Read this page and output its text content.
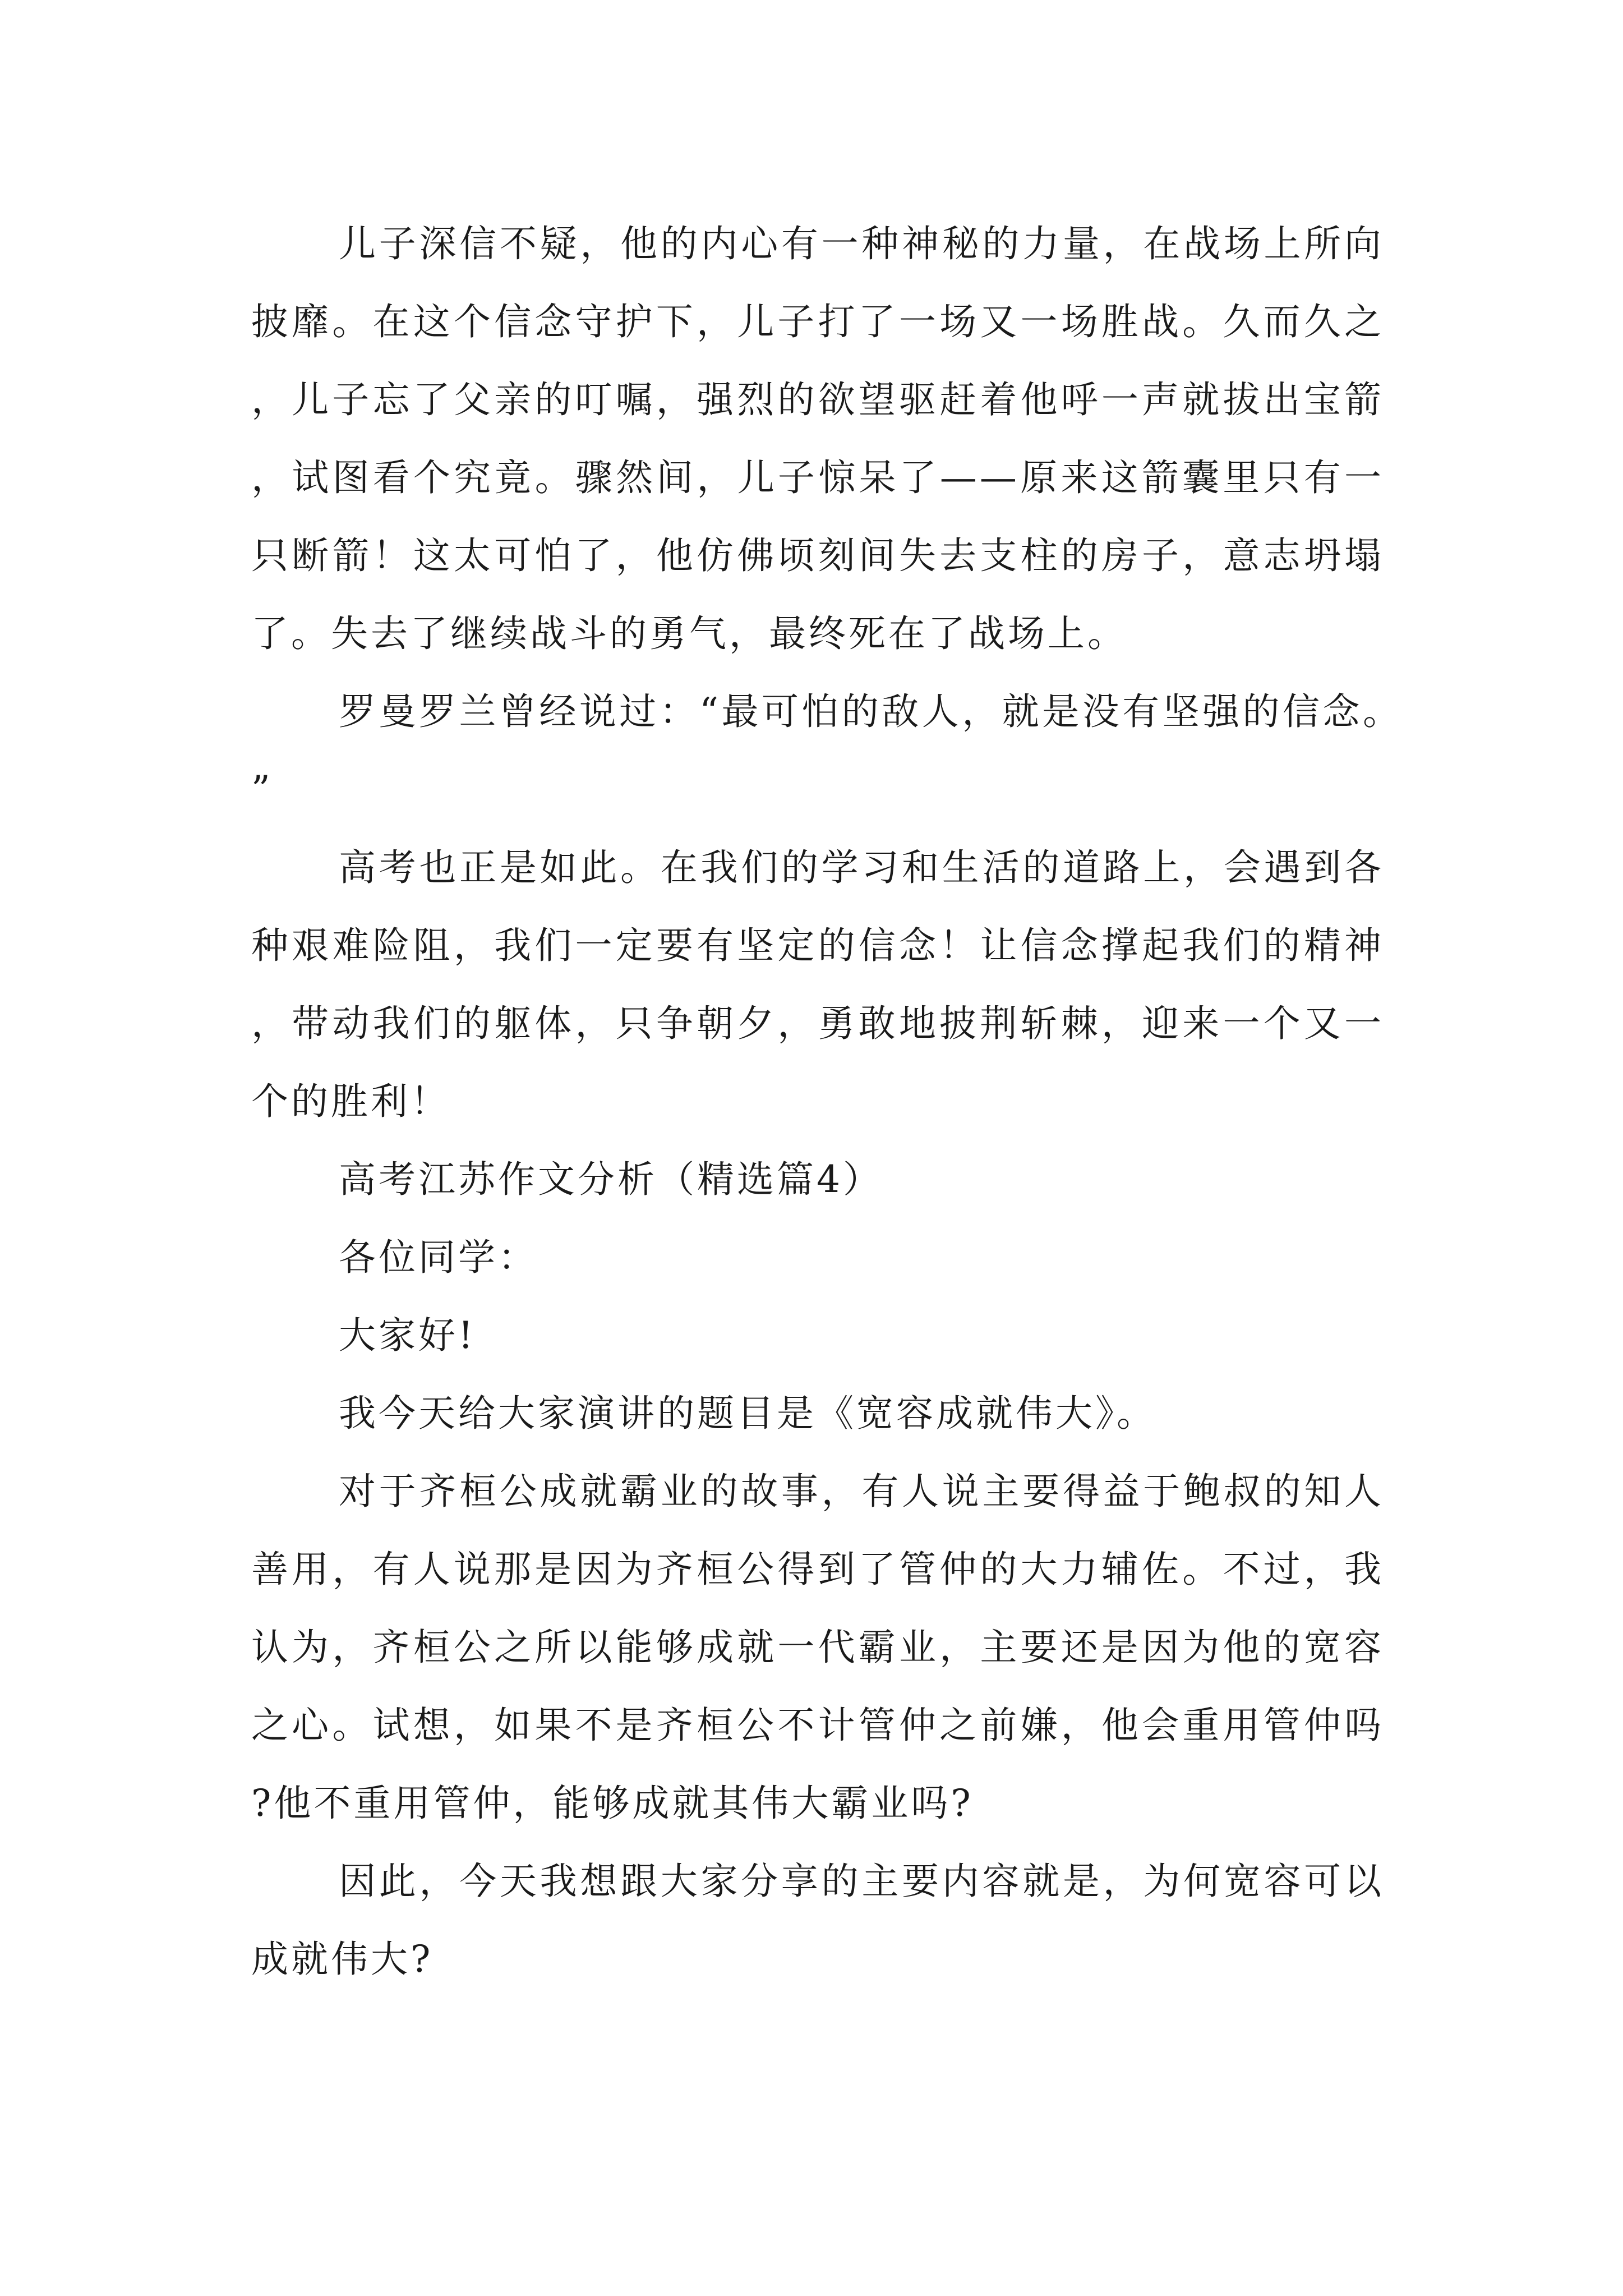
儿子深信不疑，他的内心有一种神秘的力量，在战场上所向披靡。在这个信念守护下，儿子打了一场又一场胜战。久而久之，儿子忘了父亲的叮嘱，强烈的欲望驱赶着他呼一声就拔出宝箭，试图看个究竟。骤然间，儿子惊呆了——原来这箭囊里只有一只断箭！这太可怕了，他仿佛顷刻间失去支柱的房子，意志坍塌了。失去了继续战斗的勇气，最终死在了战场上。

罗曼罗兰曾经说过：“最可怕的敌人，就是没有坚强的信念。”

高考也正是如此。在我们的学习和生活的道路上，会遇到各种艰难险阻，我们一定要有坚定的信念！让信念撑起我们的精神，带动我们的躯体，只争朝夕，勇敢地披荆斩棘，迎来一个又一个的胜利！

高考江苏作文分析（精选篇4）

各位同学：

大家好!

我今天给大家演讲的题目是《宽容成就伟大》。

对于齐桓公成就霸业的故事，有人说主要得益于鲍叔的知人善用，有人说那是因为齐桓公得到了管仲的大力辅佐。不过，我认为，齐桓公之所以能够成就一代霸业，主要还是因为他的宽容之心。试想，如果不是齐桓公不计管仲之前嫌，他会重用管仲吗?他不重用管仲，能够成就其伟大霸业吗?

因此，今天我想跟大家分享的主要内容就是，为何宽容可以成就伟大?
